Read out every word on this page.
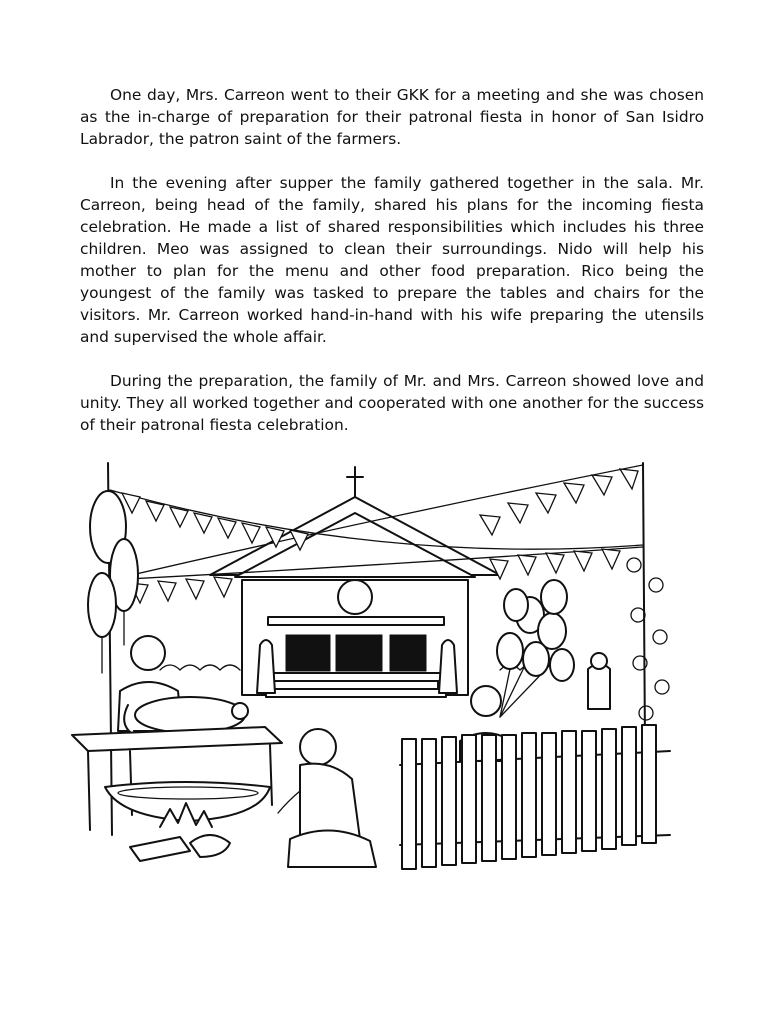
One day, Mrs. Carreon went to their GKK for a meeting and she was chosen as the in-charge of preparation for their patronal fiesta in honor of San Isidro Labrador, the patron saint of the farmers.

In the evening after supper the family gathered together in the sala. Mr. Carreon, being head of the family, shared his plans for the incoming fiesta celebration. He made a list of shared responsibilities which includes his three children. Meo was assigned to clean their surroundings. Nido will help his mother to plan for the menu and other food preparation. Rico being the youngest of the family was tasked to prepare the tables and chairs for the visitors. Mr. Carreon worked hand-in-hand with his wife preparing the utensils and supervised the whole affair.

During the preparation, the family of Mr. and Mrs. Carreon showed love and unity. They all worked together and cooperated with one another for the success of their patronal fiesta celebration.
